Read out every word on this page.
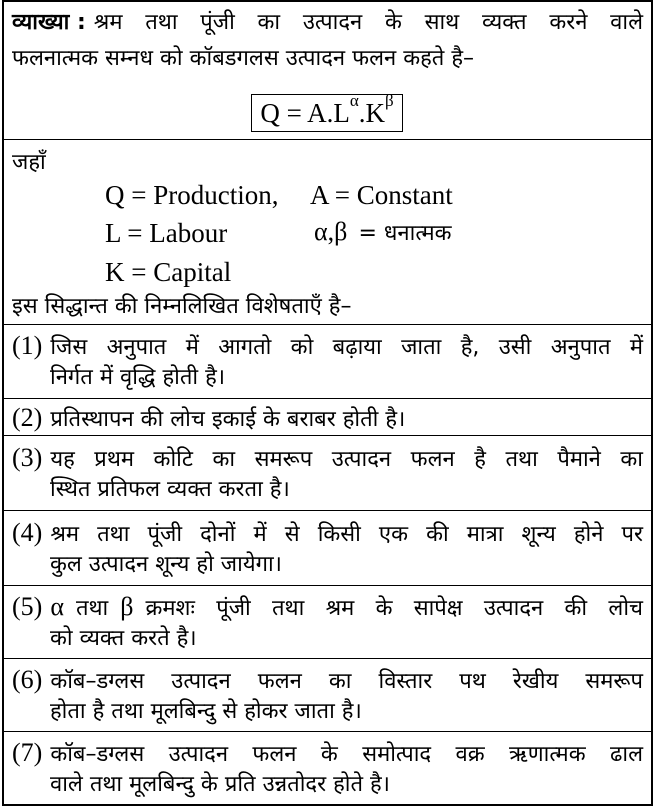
व्याख्या : श्रम तथा पूंजी का उत्पादन के साथ व्यक्त करने वाले
फलनात्मक सम्नध को कॉबडगलस उत्पादन फलन कहते है–
$Q = A.L^\alpha.K^\beta$
जहाँ
Q = Production, A = Constant
L = Labour	α,β = धनात्मक
K = Capital
इस सिद्धान्त की निम्नलिखित विशेषताएँ है–
(1) जिस अनुपात में आगतो को बढ़ाया जाता है, उसी अनुपात में
निर्गत में वृद्धि होती है।
(2) प्रतिस्थापन की लोच इकाई के बराबर होती है।
(3) यह प्रथम कोटि का समरूप उत्पादन फलन है तथा पैमाने का
स्थित प्रतिफल व्यक्त करता है।
(4) श्रम तथा पूंजी दोनों में से किसी एक की मात्रा शून्य होने पर
कुल उत्पादन शून्य हो जायेगा।
(5) α तथा β क्रमशः पूंजी तथा श्रम के सापेक्ष उत्पादन की लोच
को व्यक्त करते है।
(6) कॉब–डग्लस उत्पादन फलन का विस्तार पथ रेखीय समरूप
होता है तथा मूलबिन्दु से होकर जाता है।
(7) कॉब–डग्लस उत्पादन फलन के समोत्पाद वक्र ऋणात्मक ढाल
वाले तथा मूलबिन्दु के प्रति उन्नतोदर होते है।
